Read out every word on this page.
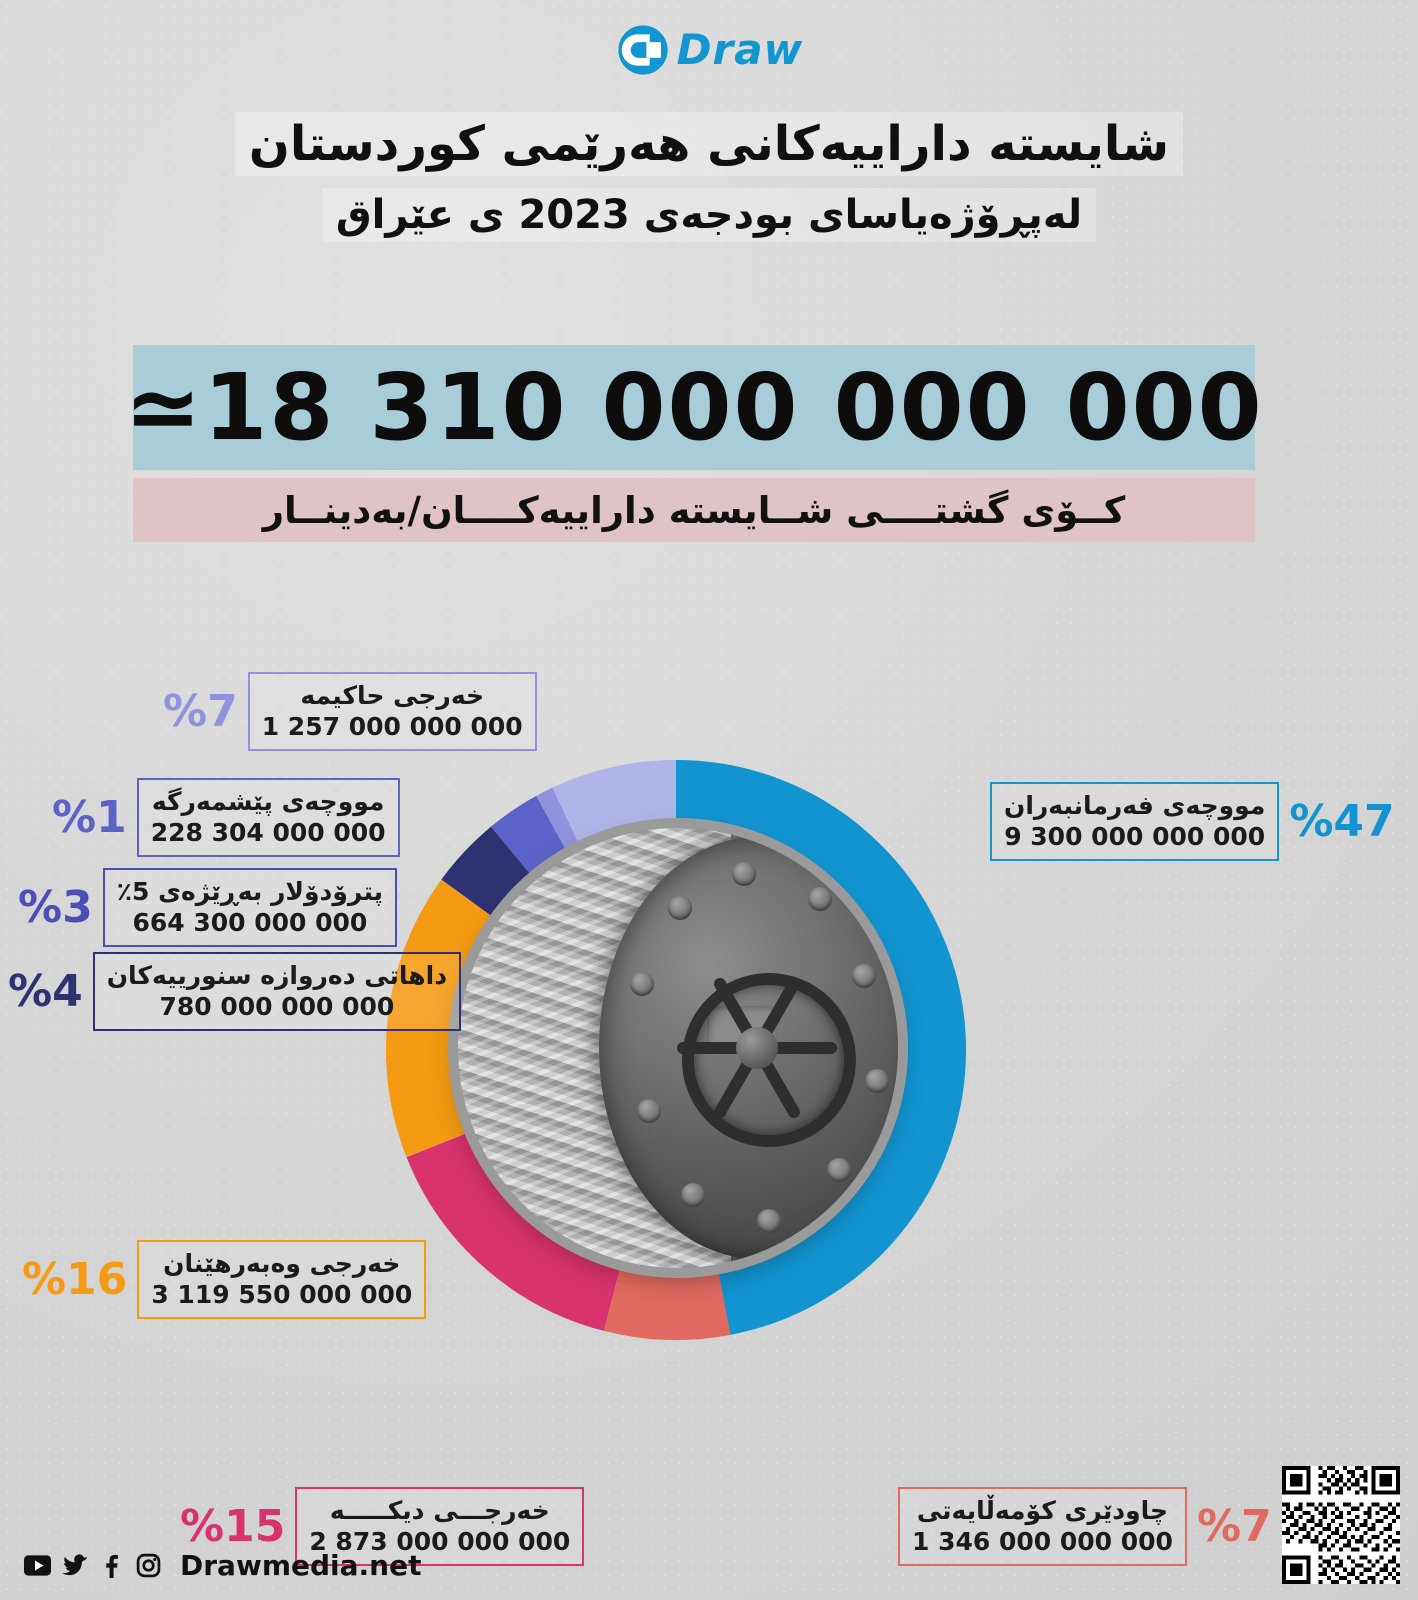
Draw
شایسته داراییەکانی هەرێمی کوردستان
لەپڕۆژەیاسای بودجەی 2023 ی عێراق
≃18 310 000 000 000
کــۆی گشتــــی شــایستە داراییەکــــان/بەدینــار
%7	خەرجی حاکیمە
1 257 000 000 000
%1 مووچەی پێشمەرگە
228 304 000 000
%3 پترۆدۆلار بەڕێژەی 5٪
664 300 000 000
%4 داهاتی دەروازە سنورییەکان
780 000 000 000
%16	خەرجی وەبەرهێنان
3 119 550 000 000
%15	خەرجـــی دیکـــــە
2 873 000 000 000
چاودێری کۆمەڵایەتی
1 346 000 000 000 %7
مووچەی فەرمانبەران
9 300 000 000 000 %47
Drawmedia.net
